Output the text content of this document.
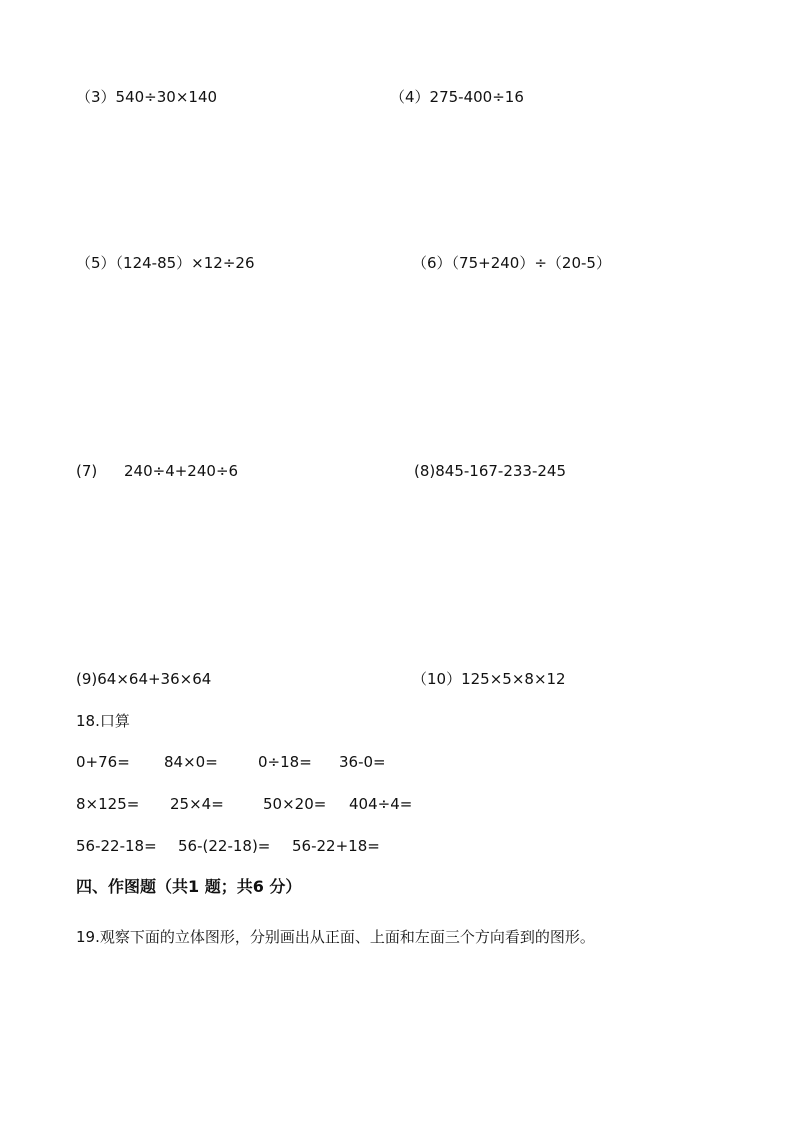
（3）540÷30×140	（4）275-400÷16
（5）（124-85）×12÷26	（6）（75+240）÷（20-5）
(7) 240÷4+240÷6	(8)845-167-233-245
(9)64×64+36×64	（10）125×5×8×12
18.口算
0+76= 84×0=	0÷18= 36-0=
8×125= 25×4=	50×20= 404÷4=
56-22-18= 56-(22-18)= 56-22+18=
四、作图题（共1 题；共6 分）
19.观察下面的立体图形，分别画出从正面、上面和左面三个方向看到的图形。
